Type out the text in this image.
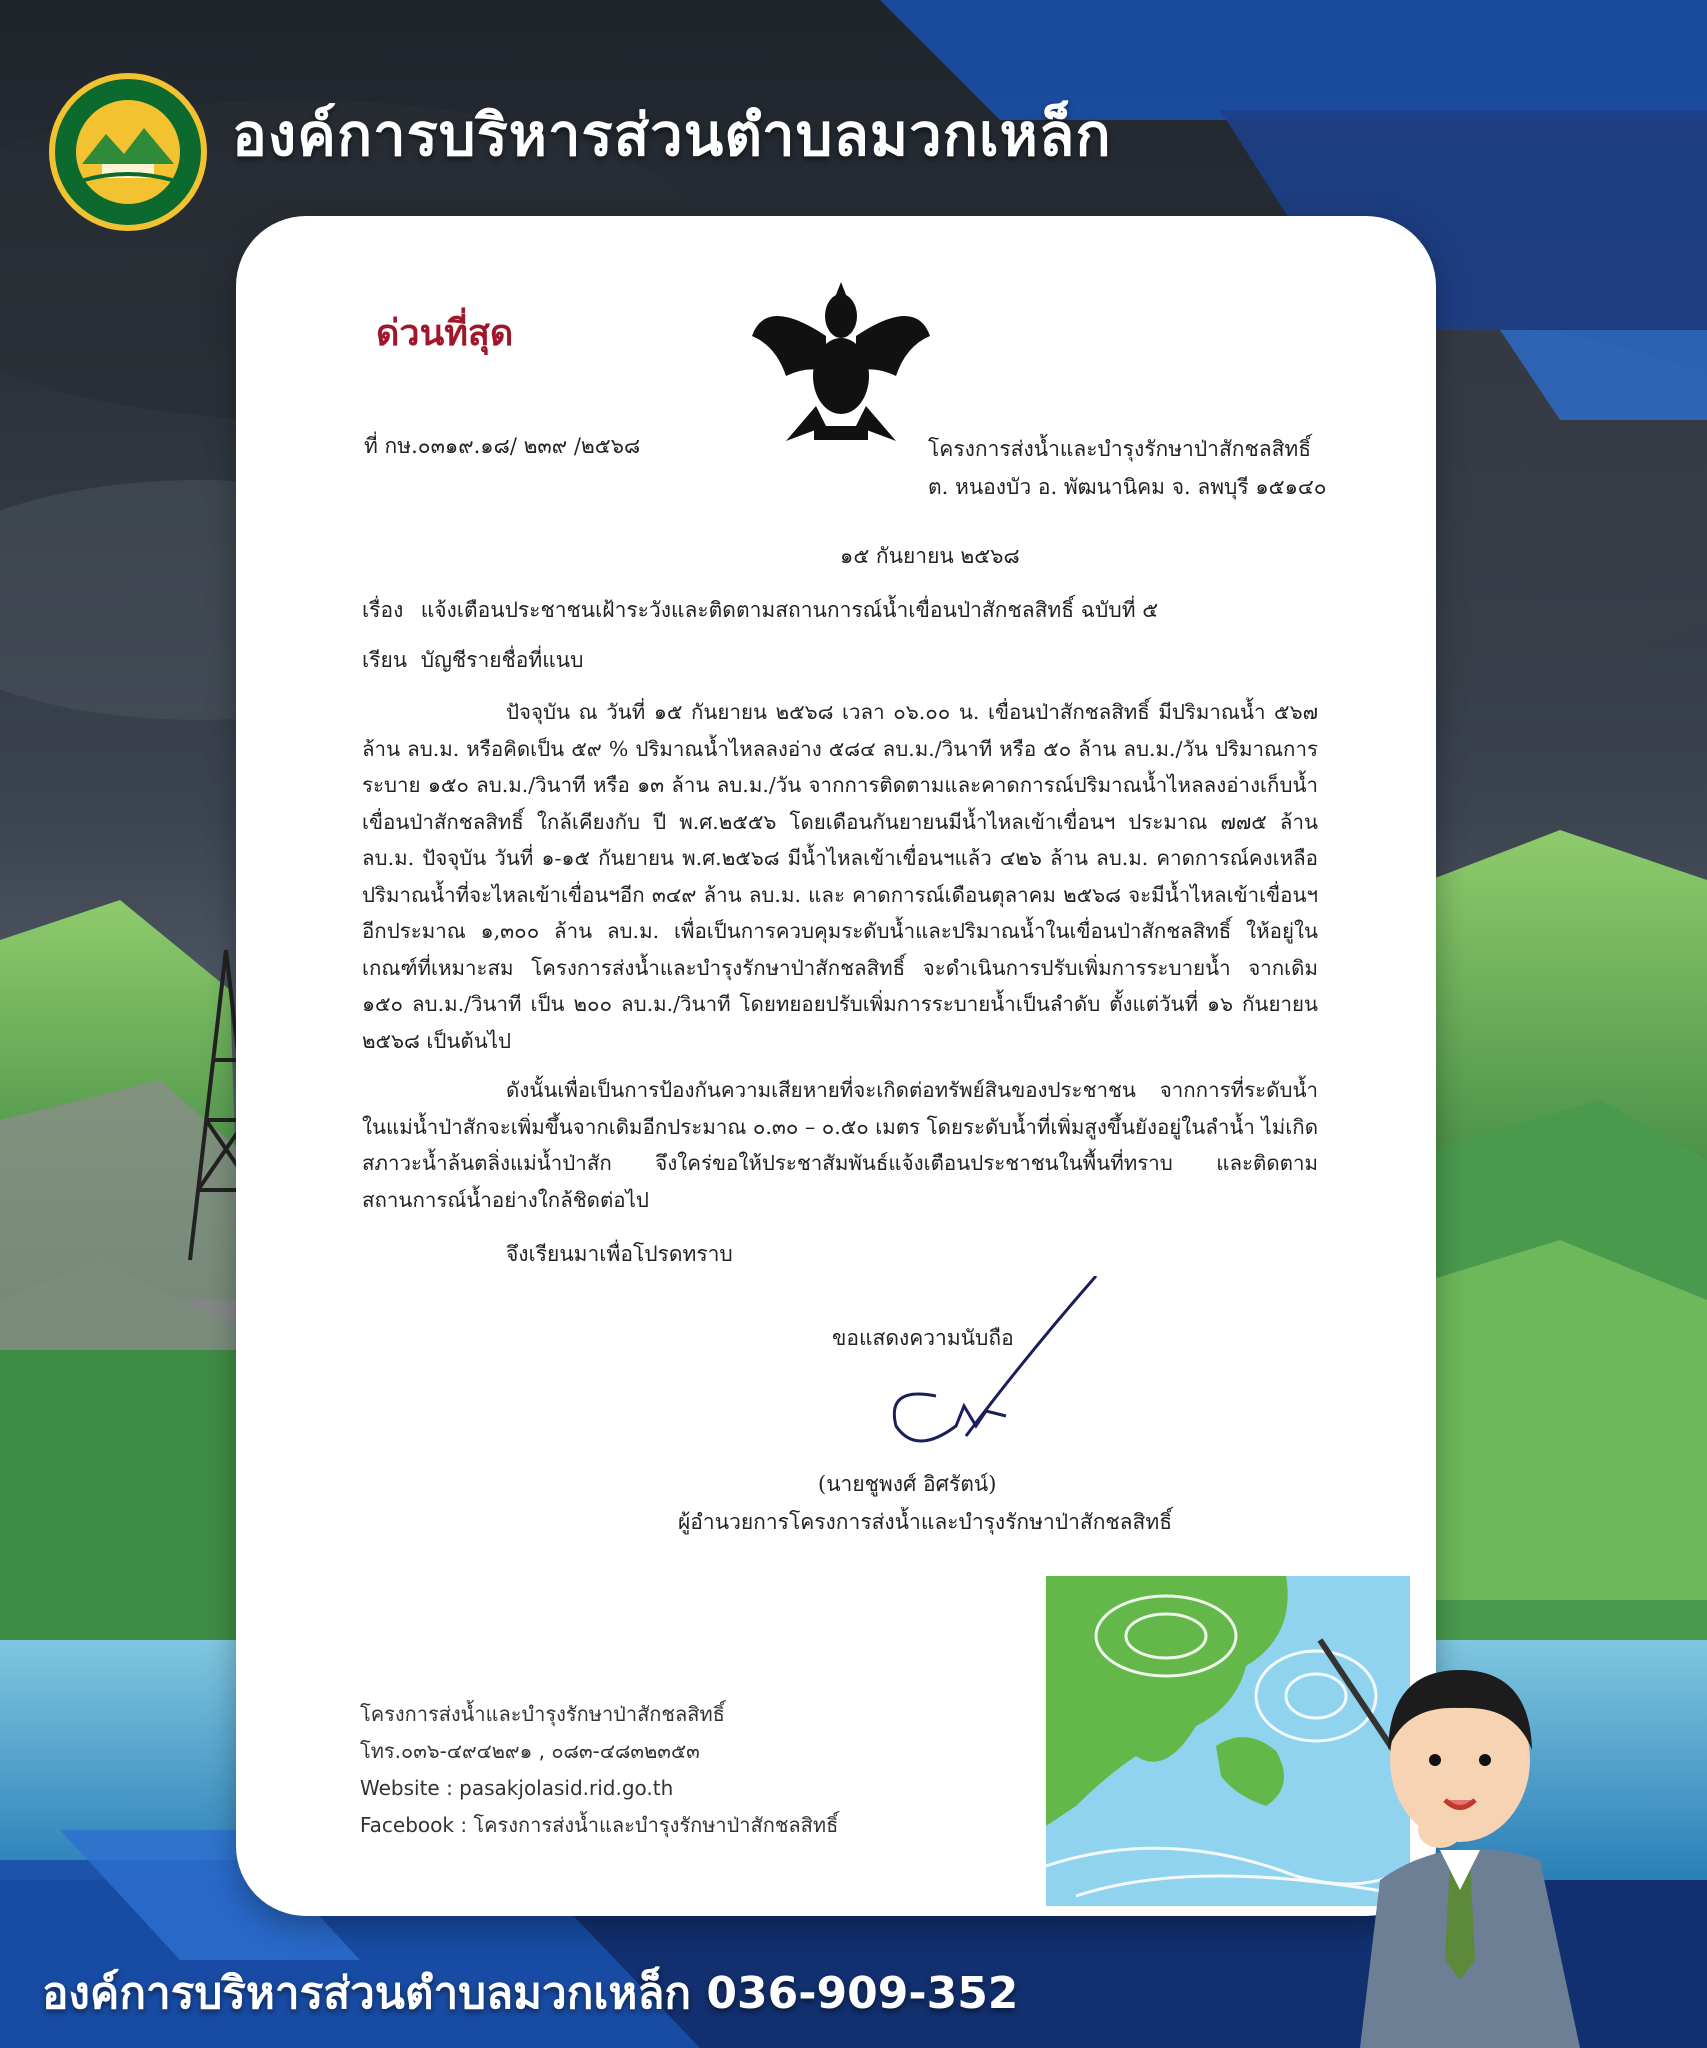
องค์การบริหารส่วนตำบลมวกเหล็ก
ด่วนที่สุด
ที่ กษ.๐๓๑๙.๑๘/ ๒๓๙ /๒๕๖๘	โครงการส่งน้ำและบำรุงรักษาป่าสักชลสิทธิ์
ต. หนองบัว อ. พัฒนานิคม จ. ลพบุรี ๑๕๑๔๐
๑๕ กันยายน ๒๕๖๘
เรื่อง แจ้งเตือนประชาชนเฝ้าระวังและติดตามสถานการณ์น้ำเขื่อนป่าสักชลสิทธิ์ ฉบับที่ ๕
เรียน บัญชีรายชื่อที่แนบ
ปัจจุบัน ณ วันที่ ๑๕ กันยายน ๒๕๖๘ เวลา ๐๖.๐๐ น. เขื่อนป่าสักชลสิทธิ์ มีปริมาณน้ำ ๕๖๗ ล้าน ลบ.ม. หรือคิดเป็น ๕๙ % ปริมาณน้ำไหลลงอ่าง ๕๘๔ ลบ.ม./วินาที หรือ ๕๐ ล้าน ลบ.ม./วัน ปริมาณการระบาย ๑๕๐ ลบ.ม./วินาที หรือ ๑๓ ล้าน ลบ.ม./วัน จากการติดตามและคาดการณ์ปริมาณน้ำไหลลงอ่างเก็บน้ำเขื่อนป่าสักชลสิทธิ์ ใกล้เคียงกับ ปี พ.ศ.๒๕๕๖ โดยเดือนกันยายนมีน้ำไหลเข้าเขื่อนฯ ประมาณ ๗๗๕ ล้าน ลบ.ม. ปัจจุบัน วันที่ ๑-๑๕ กันยายน พ.ศ.๒๕๖๘ มีน้ำไหลเข้าเขื่อนฯแล้ว ๔๒๖ ล้าน ลบ.ม. คาดการณ์คงเหลือปริมาณน้ำที่จะไหลเข้าเขื่อนฯอีก ๓๔๙ ล้าน ลบ.ม. และ คาดการณ์เดือนตุลาคม ๒๕๖๘ จะมีน้ำไหลเข้าเขื่อนฯ อีกประมาณ ๑,๓๐๐ ล้าน ลบ.ม. เพื่อเป็นการควบคุมระดับน้ำและปริมาณน้ำในเขื่อนป่าสักชลสิทธิ์ ให้อยู่ในเกณฑ์ที่เหมาะสม โครงการส่งน้ำและบำรุงรักษาป่าสักชลสิทธิ์ จะดำเนินการปรับเพิ่มการระบายน้ำ จากเดิม ๑๕๐ ลบ.ม./วินาที เป็น ๒๐๐ ลบ.ม./วินาที โดยทยอยปรับเพิ่มการระบายน้ำเป็นลำดับ ตั้งแต่วันที่ ๑๖ กันยายน ๒๕๖๘ เป็นต้นไป
ดังนั้นเพื่อเป็นการป้องกันความเสียหายที่จะเกิดต่อทรัพย์สินของประชาชน จากการที่ระดับน้ำในแม่น้ำป่าสักจะเพิ่มขึ้นจากเดิมอีกประมาณ ๐.๓๐ – ๐.๕๐ เมตร โดยระดับน้ำที่เพิ่มสูงขึ้นยังอยู่ในลำน้ำ ไม่เกิดสภาวะน้ำล้นตลิ่งแม่น้ำป่าสัก จึงใคร่ขอให้ประชาสัมพันธ์แจ้งเตือนประชาชนในพื้นที่ทราบ และติดตามสถานการณ์น้ำอย่างใกล้ชิดต่อไป
จึงเรียนมาเพื่อโปรดทราบ
ขอแสดงความนับถือ
(นายชูพงศ์ อิศรัตน์)
ผู้อำนวยการโครงการส่งน้ำและบำรุงรักษาป่าสักชลสิทธิ์
โครงการส่งน้ำและบำรุงรักษาป่าสักชลสิทธิ์
โทร.๐๓๖-๔๙๔๒๙๑ , ๐๘๓-๔๘๓๒๓๕๓
Website : pasakjolasid.rid.go.th
Facebook : โครงการส่งน้ำและบำรุงรักษาป่าสักชลสิทธิ์
องค์การบริหารส่วนตำบลมวกเหล็ก 036-909-352
